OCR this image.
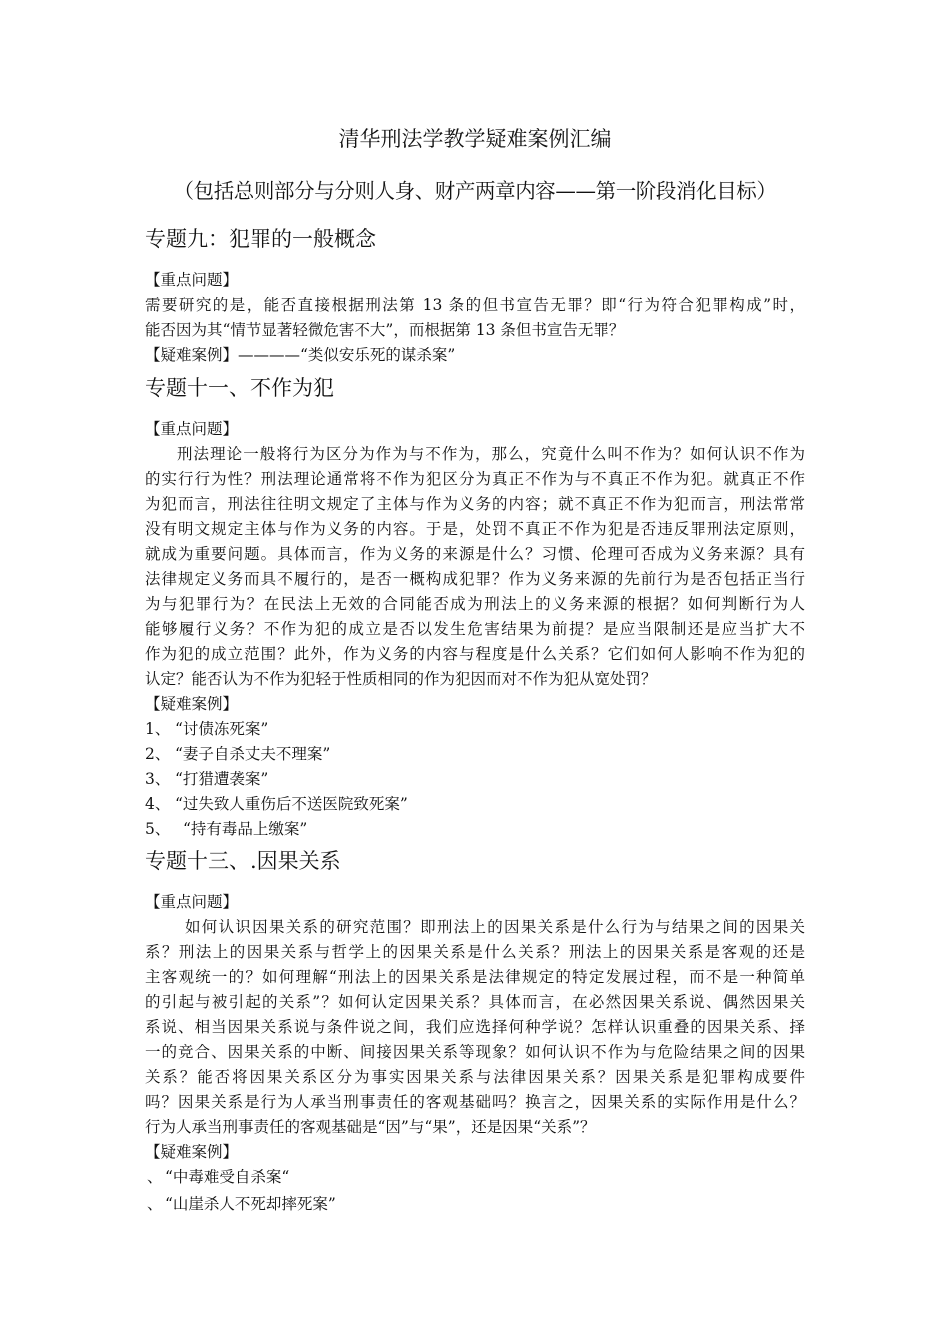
清华刑法学教学疑难案例汇编
（包括总则部分与分则人身、财产两章内容——第一阶段消化目标）
专题九：犯罪的一般概念
【重点问题】
需要研究的是，能否直接根据刑法第 13 条的但书宣告无罪？即“行为符合犯罪构成”时，
能否因为其“情节显著轻微危害不大”，而根据第 13 条但书宣告无罪？
【疑难案例】————“类似安乐死的谋杀案”
专题十一、不作为犯
【重点问题】
刑法理论一般将行为区分为作为与不作为，那么，究竟什么叫不作为？如何认识不作为
的实行行为性？刑法理论通常将不作为犯区分为真正不作为与不真正不作为犯。就真正不作
为犯而言，刑法往往明文规定了主体与作为义务的内容；就不真正不作为犯而言，刑法常常
没有明文规定主体与作为义务的内容。于是，处罚不真正不作为犯是否违反罪刑法定原则，
就成为重要问题。具体而言，作为义务的来源是什么？习惯、伦理可否成为义务来源？具有
法律规定义务而具不履行的，是否一概构成犯罪？作为义务来源的先前行为是否包括正当行
为与犯罪行为？在民法上无效的合同能否成为刑法上的义务来源的根据？如何判断行为人
能够履行义务？不作为犯的成立是否以发生危害结果为前提？是应当限制还是应当扩大不
作为犯的成立范围？此外，作为义务的内容与程度是什么关系？它们如何人影响不作为犯的
认定？能否认为不作为犯轻于性质相同的作为犯因而对不作为犯从宽处罚？
【疑难案例】
1、 “讨债冻死案”
2、 “妻子自杀丈夫不理案”
3、 “打猎遭袭案”
4、 “过失致人重伤后不送医院致死案”
5、 “持有毒品上缴案”
专题十三、.因果关系
【重点问题】
如何认识因果关系的研究范围？即刑法上的因果关系是什么行为与结果之间的因果关
系？刑法上的因果关系与哲学上的因果关系是什么关系？刑法上的因果关系是客观的还是
主客观统一的？如何理解“刑法上的因果关系是法律规定的特定发展过程，而不是一种简单
的引起与被引起的关系”？如何认定因果关系？具体而言，在必然因果关系说、偶然因果关
系说、相当因果关系说与条件说之间，我们应选择何种学说？怎样认识重叠的因果关系、择
一的竞合、因果关系的中断、间接因果关系等现象？如何认识不作为与危险结果之间的因果
关系？能否将因果关系区分为事实因果关系与法律因果关系？因果关系是犯罪构成要件
吗？因果关系是行为人承当刑事责任的客观基础吗？换言之，因果关系的实际作用是什么？
行为人承当刑事责任的客观基础是“因”与“果”，还是因果“关系”？
【疑难案例】
、 “中毒难受自杀案“
、 “山崖杀人不死却摔死案”
